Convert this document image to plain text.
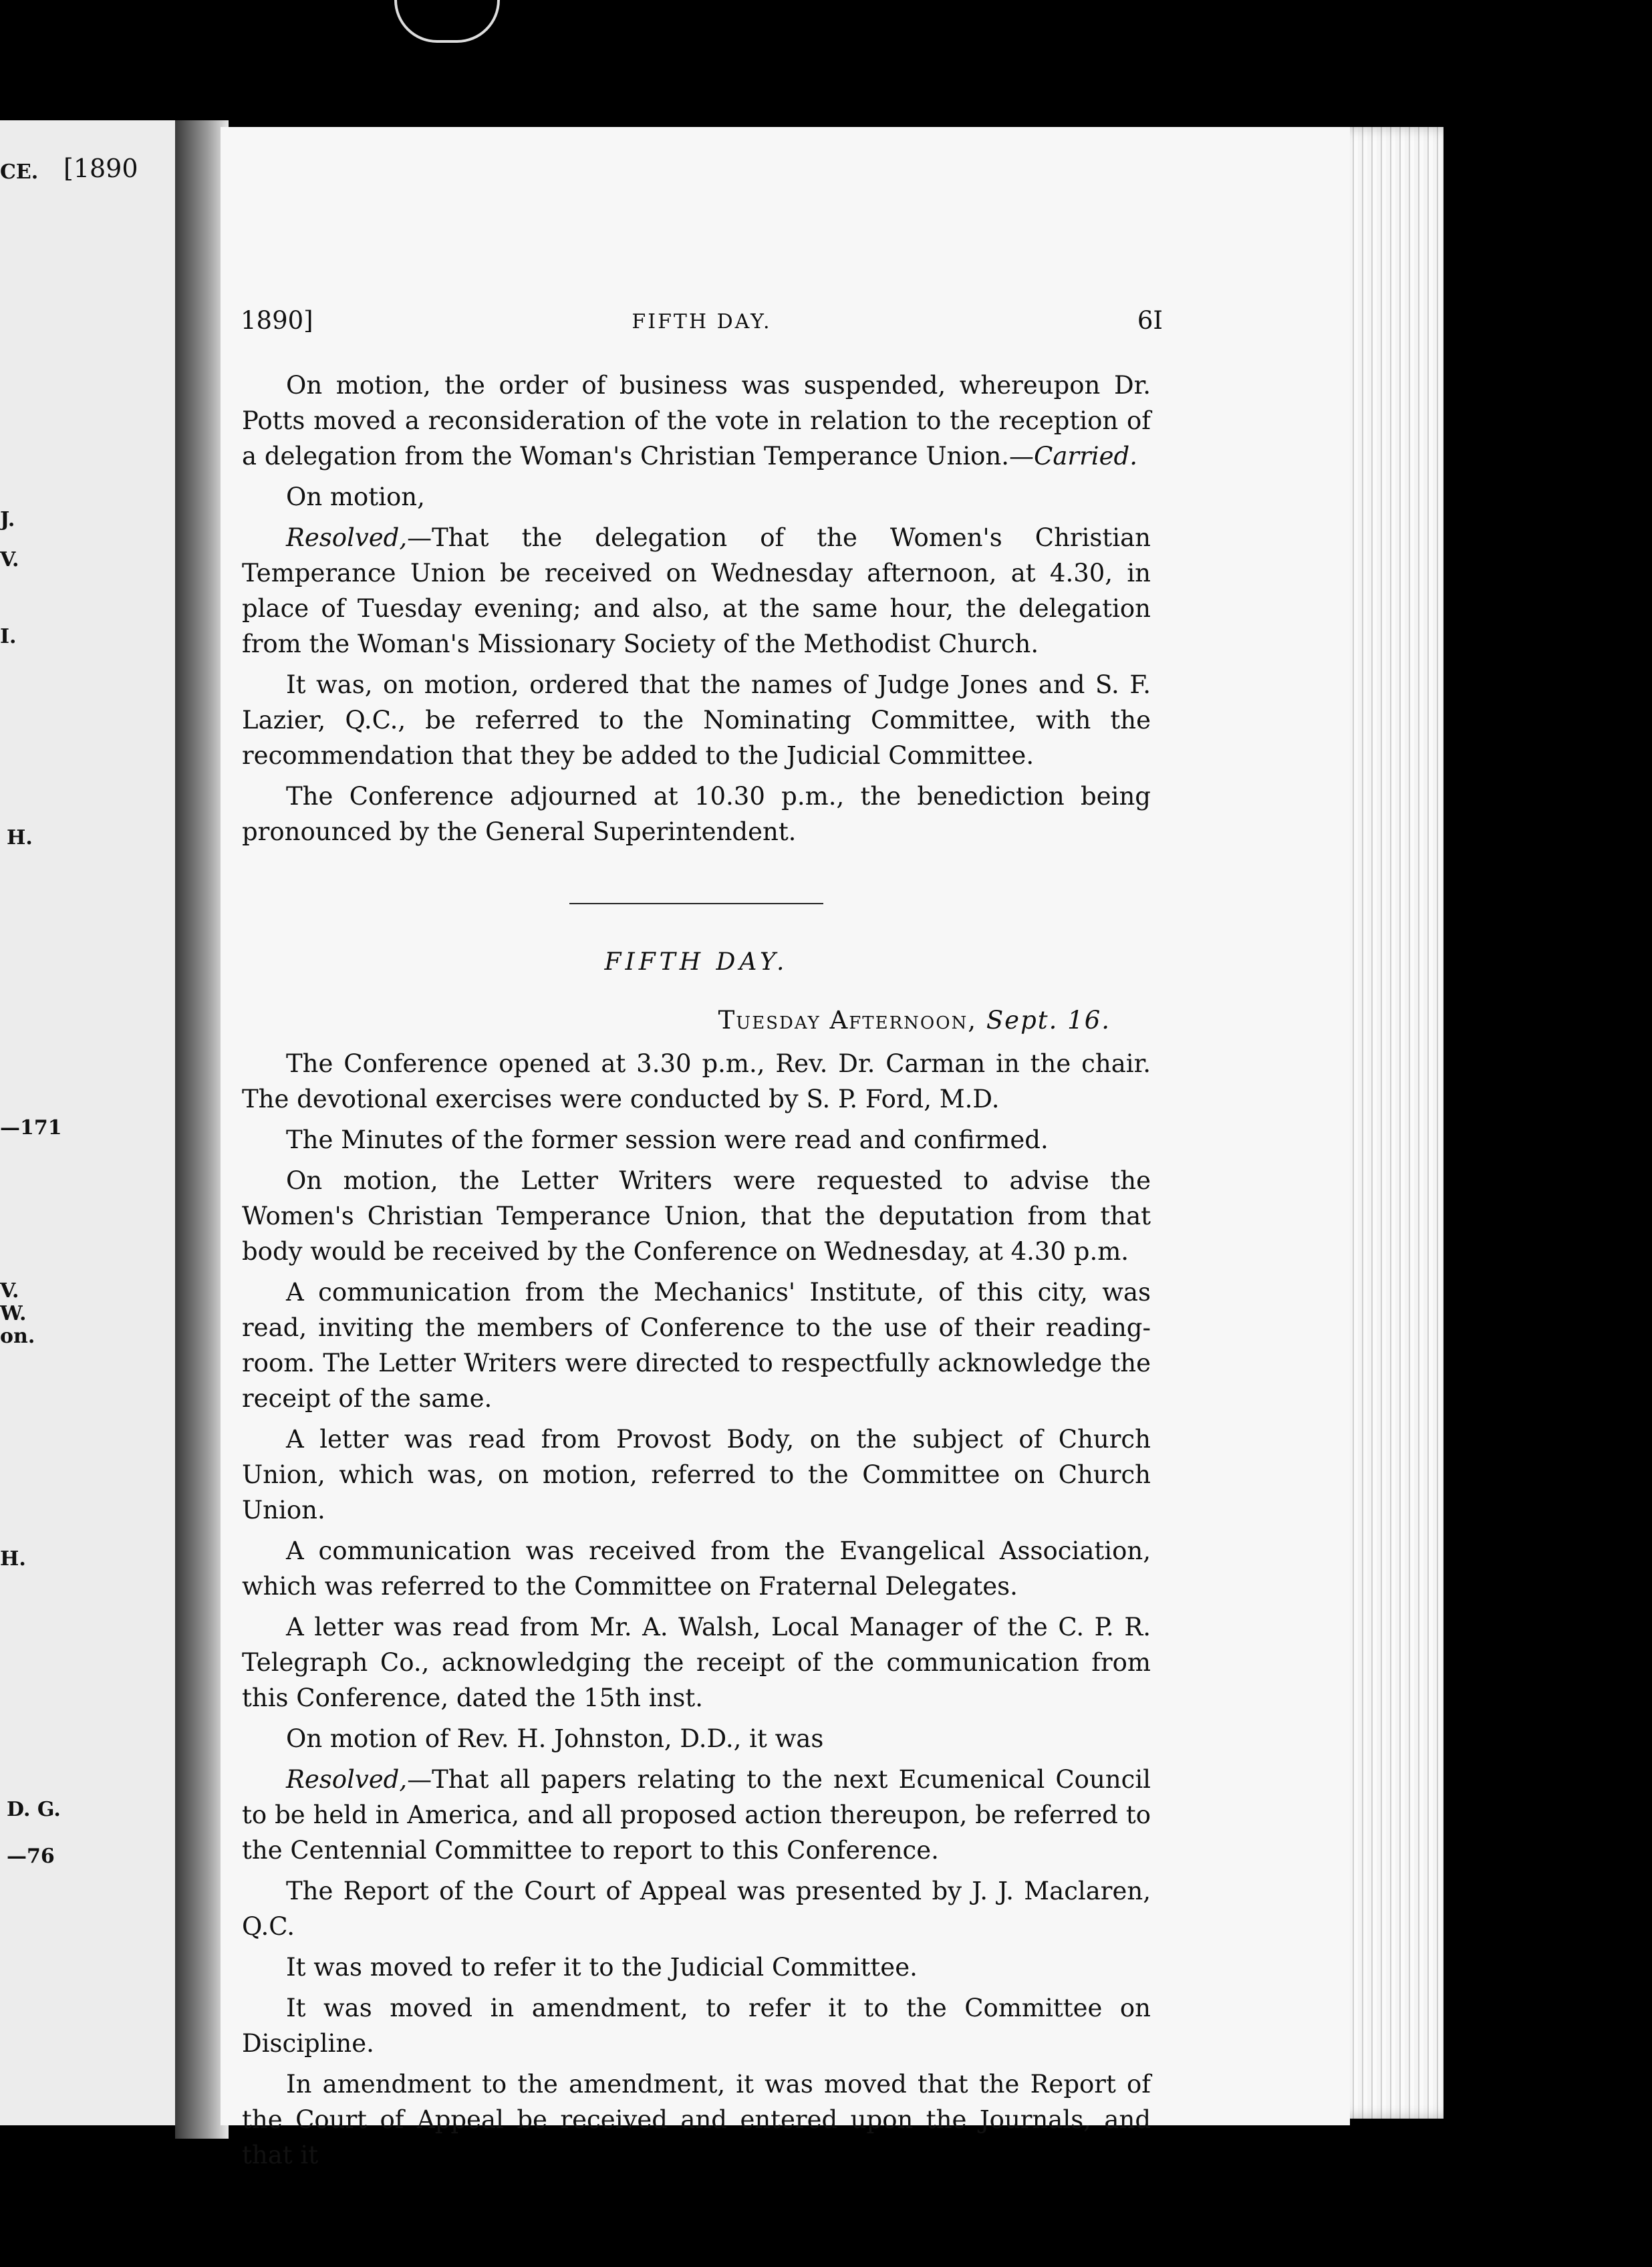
CE. [1890
J.
V.
I.
H.
—171
V.
W.
on.
H.
D. G.
—76
1890]	FIFTH DAY.	6I

On motion, the order of business was suspended, whereupon Dr. Potts moved a reconsideration of the vote in relation to the reception of a delegation from the Woman's Christian Temperance Union.—Carried.

On motion,

Resolved,—That the delegation of the Women's Christian Temperance Union be received on Wednesday afternoon, at 4.30, in place of Tuesday evening; and also, at the same hour, the delegation from the Woman's Missionary Society of the Methodist Church.

It was, on motion, ordered that the names of Judge Jones and S. F. Lazier, Q.C., be referred to the Nominating Committee, with the recommendation that they be added to the Judicial Committee.

The Conference adjourned at 10.30 p.m., the benediction being pronounced by the General Superintendent.

FIFTH DAY.

Tuesday Afternoon, Sept. 16.

The Conference opened at 3.30 p.m., Rev. Dr. Carman in the chair. The devotional exercises were conducted by S. P. Ford, M.D.

The Minutes of the former session were read and confirmed.

On motion, the Letter Writers were requested to advise the Women's Christian Temperance Union, that the deputation from that body would be received by the Conference on Wednesday, at 4.30 p.m.

A communication from the Mechanics' Institute, of this city, was read, inviting the members of Conference to the use of their reading-room. The Letter Writers were directed to respectfully acknowledge the receipt of the same.

A letter was read from Provost Body, on the subject of Church Union, which was, on motion, referred to the Committee on Church Union.

A communication was received from the Evangelical Association, which was referred to the Committee on Fraternal Delegates.

A letter was read from Mr. A. Walsh, Local Manager of the C. P. R. Telegraph Co., acknowledging the receipt of the communication from this Conference, dated the 15th inst.

On motion of Rev. H. Johnston, D.D., it was

Resolved,—That all papers relating to the next Ecumenical Council to be held in America, and all proposed action thereupon, be referred to the Centennial Committee to report to this Conference.

The Report of the Court of Appeal was presented by J. J. Maclaren, Q.C.

It was moved to refer it to the Judicial Committee.

It was moved in amendment, to refer it to the Committee on Discipline.

In amendment to the amendment, it was moved that the Report of the Court of Appeal be received and entered upon the Journals, and that it
